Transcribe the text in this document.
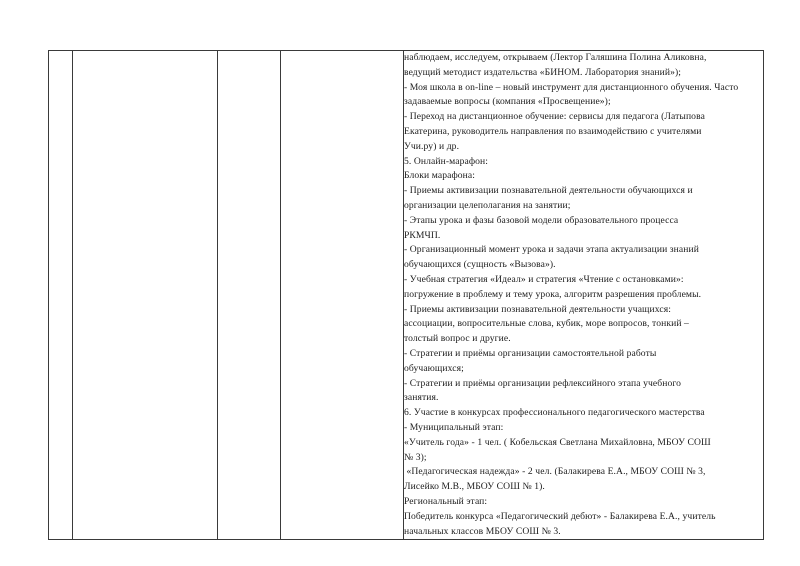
наблюдаем, исследуем, открываем (Лектор Галяшина Полина Аликовна,
ведущий методист издательства «БИНОМ. Лаборатория знаний»);
- Моя школа в on-line – новый инструмент для дистанционного обучения. Часто
задаваемые вопросы (компания «Просвещение»);
- Переход на дистанционное обучение: сервисы для педагога (Латыпова
Екатерина, руководитель направления по взаимодействию с учителями
Учи.ру) и др.
5. Онлайн-марафон:
Блоки марафона:
- Приемы активизации познавательной деятельности обучающихся и
организации целеполагания на занятии;
- Этапы урока и фазы базовой модели образовательного процесса
РКМЧП.
- Организационный момент урока и задачи этапа актуализации знаний
обучающихся (сущность «Вызова»).
- Учебная стратегия «Идеал» и стратегия «Чтение с остановками»:
погружение в проблему и тему урока, алгоритм разрешения проблемы.
- Приемы активизации познавательной деятельности учащихся:
ассоциации, вопросительные слова, кубик, море вопросов, тонкий –
толстый вопрос и другие.
- Стратегии и приёмы организации самостоятельной работы
обучающихся;
- Стратегии и приёмы организации рефлексийного этапа учебного
занятия.
6. Участие в конкурсах профессионального педагогического мастерства
- Муниципальный этап:
«Учитель года» - 1 чел. ( Кобельская Светлана Михайловна, МБОУ СОШ
№ 3);
«Педагогическая надежда» - 2 чел. (Балакирева Е.А., МБОУ СОШ № 3,
Лисейко М.В., МБОУ СОШ № 1).
Региональный этап:
Победитель конкурса «Педагогический дебют» - Балакирева Е.А., учитель
начальных классов МБОУ СОШ № 3.
